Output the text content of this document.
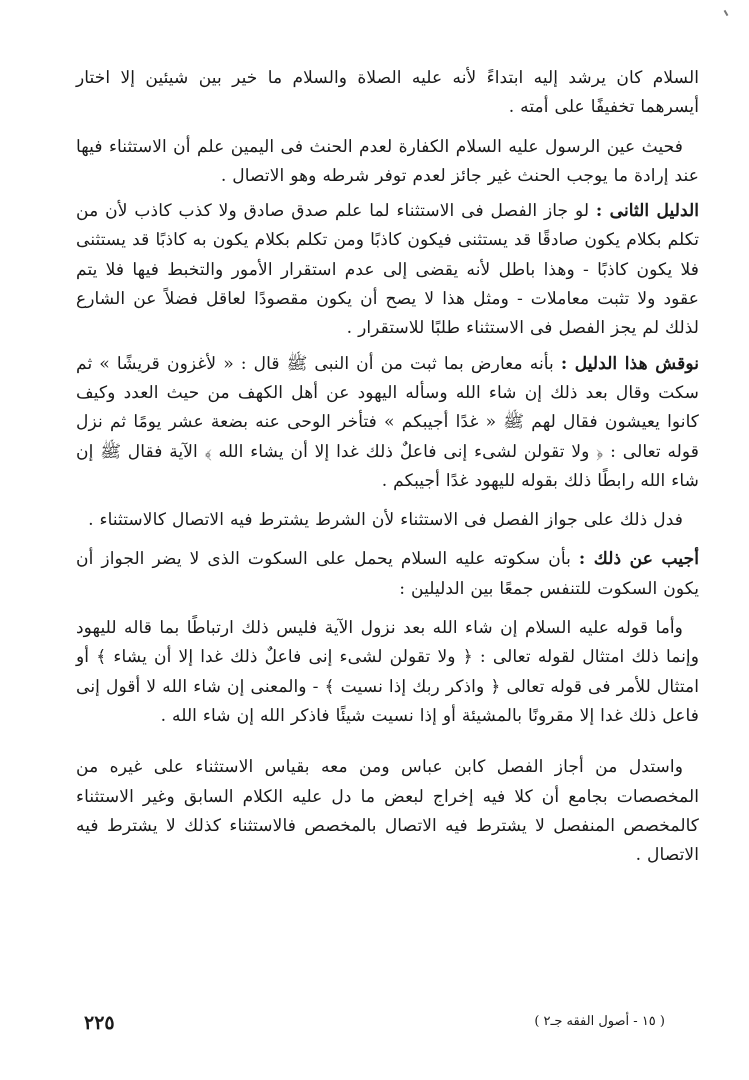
السلام كان يرشد إليه ابتداءً لأنه عليه الصلاة والسلام ما خير بين شيئين إلا اختار أيسرهما تخفيفًا على أمته .

فحيث عين الرسول عليه السلام الكفارة لعدم الحنث فى اليمين علم أن الاستثناء فيها عند إرادة ما يوجب الحنث غير جائز لعدم توفر شرطه وهو الاتصال .

الدليل الثانى : لو جاز الفصل فى الاستثناء لما علم صدق صادق ولا كذب كاذب لأن من تكلم بكلام يكون صادقًا قد يستثنى فيكون كاذبًا ومن تكلم بكلام يكون به كاذبًا قد يستثنى فلا يكون كاذبًا - وهذا باطل لأنه يقضى إلى عدم استقرار الأمور والتخبط فيها فلا يتم عقود ولا تثبت معاملات - ومثل هذا لا يصح أن يكون مقصودًا لعاقل فضلاً عن الشارع لذلك لم يجز الفصل فى الاستثناء طلبًا للاستقرار .

نوقش هذا الدليل : بأنه معارض بما ثبت من أن النبى ﷺ قال : « لأغزون قريشًا » ثم سكت وقال بعد ذلك إن شاء الله وسأله اليهود عن أهل الكهف من حيث العدد وكيف كانوا يعيشون فقال لهم ﷺ « غدًا أجيبكم » فتأخر الوحى عنه بضعة عشر يومًا ثم نزل قوله تعالى : ﴿ ولا تقولن لشىء إنى فاعلٌ ذلك غدا إلا أن يشاء الله ﴾ الآية فقال ﷺ إن شاء الله رابطًا ذلك بقوله لليهود غدًا أجيبكم .

فدل ذلك على جواز الفصل فى الاستثناء لأن الشرط يشترط فيه الاتصال كالاستثناء .

أجيب عن ذلك : بأن سكوته عليه السلام يحمل على السكوت الذى لا يضر الجواز أن يكون السكوت للتنفس جمعًا بين الدليلين :

وأما قوله عليه السلام إن شاء الله بعد نزول الآية فليس ذلك ارتباطًا بما قاله لليهود وإنما ذلك امتثال لقوله تعالى : ﴿ ولا تقولن لشىء إنى فاعلٌ ذلك غدا إلا أن يشاء ﴾ أو امتثال للأمر فى قوله تعالى ﴿ واذكر ربك إذا نسيت ﴾ - والمعنى إن شاء الله لا أقول إنى فاعل ذلك غدا إلا مقرونًا بالمشيئة أو إذا نسيت شيئًا فاذكر الله إن شاء الله .

واستدل من أجاز الفصل كابن عباس ومن معه بقياس الاستثناء على غيره من المخصصات بجامع أن كلا فيه إخراج لبعض ما دل عليه الكلام السابق وغير الاستثناء كالمخصص المنفصل لا يشترط فيه الاتصال بالمخصص فالاستثناء كذلك لا يشترط فيه الاتصال .

٢٢٥	( ١٥ - أصول الفقه جـ٢ )
